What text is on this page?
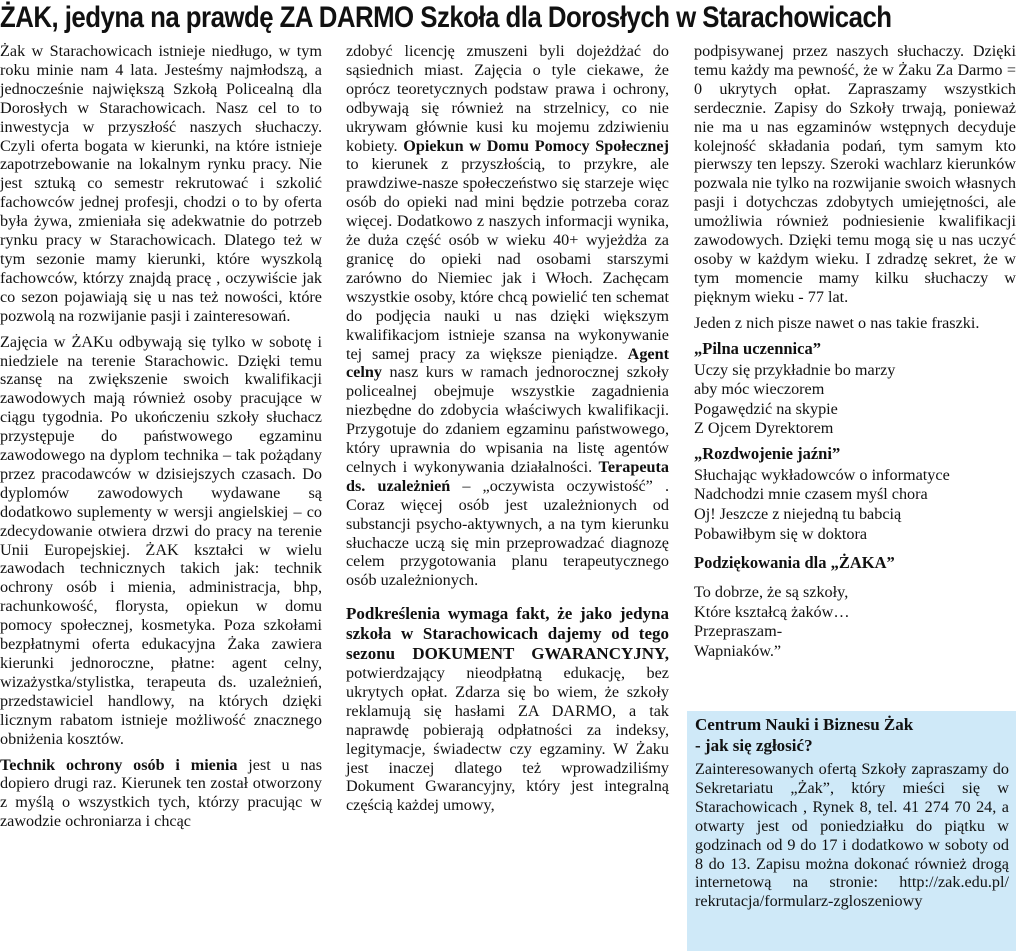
ŻAK, jedyna na prawdę ZA DARMO Szkoła dla Dorosłych w Starachowicach

Żak w Starachowicach istnieje niedługo, w tym roku minie nam 4 lata. Jesteśmy najmłodszą, a jednocześnie największą Szkołą Policealną dla Dorosłych w Starachowicach. Nasz cel to to inwestycja w przyszłość naszych słuchaczy. Czyli oferta bogata w kierunki, na które istnieje zapotrzebowanie na lokalnym rynku pracy. Nie jest sztuką co semestr rekrutować i szkolić fachowców jednej profesji, chodzi o to by oferta była żywa, zmieniała się adekwatnie do potrzeb rynku pracy w Starachowicach. Dlatego też w tym sezonie mamy kierunki, które wyszkolą fachowców, którzy znajdą pracę , oczywiście jak co sezon pojawiają się u nas też nowości, które pozwolą na rozwijanie pasji i zainteresowań.

Zajęcia w ŻAKu odbywają się tylko w sobotę i niedziele na terenie Starachowic. Dzięki temu szansę na zwiększenie swoich kwalifikacji zawodowych mają również osoby pracujące w ciągu tygodnia. Po ukończeniu szkoły słuchacz przystępuje do państwowego egzaminu zawodowego na dyplom technika – tak pożądany przez pracodawców w dzisiejszych czasach. Do dyplomów zawodowych wydawane są dodatkowo suplementy w wersji angielskiej – co zdecydowanie otwiera drzwi do pracy na terenie Unii Europejskiej. ŻAK kształci w wielu zawodach technicznych takich jak: technik ochrony osób i mienia, administracja, bhp, rachunkowość, florysta, opiekun w domu pomocy społecznej, kosmetyka. Poza szkołami bezpłatnymi oferta edukacyjna Żaka zawiera kierunki jednoroczne, płatne: agent celny, wizażystka/stylistka, terapeuta ds. uzależnień, przedstawiciel handlowy, na których dzięki licznym rabatom istnieje możliwość znacznego obniżenia kosztów.

Technik ochrony osób i mienia jest u nas dopiero drugi raz. Kierunek ten został otworzony z myślą o wszystkich tych, którzy pracując w zawodzie ochroniarza i chcąc

zdobyć licencję zmuszeni byli dojeżdżać do sąsiednich miast. Zajęcia o tyle ciekawe, że oprócz teoretycznych podstaw prawa i ochrony, odbywają się również na strzelnicy, co nie ukrywam głównie kusi ku mojemu zdziwieniu kobiety. Opiekun w Domu Pomocy Społecznej to kierunek z przyszłością, to przykre, ale prawdziwe-nasze społeczeństwo się starzeje więc osób do opieki nad mini będzie potrzeba coraz więcej. Dodatkowo z naszych informacji wynika, że duża część osób w wieku 40+ wyjeżdża za granicę do opieki nad osobami starszymi zarówno do Niemiec jak i Włoch. Zachęcam wszystkie osoby, które chcą powielić ten schemat do podjęcia nauki u nas dzięki większym kwalifikacjom istnieje szansa na wykonywanie tej samej pracy za większe pieniądze. Agent celny nasz kurs w ramach jednorocznej szkoły policealnej obejmuje wszystkie zagadnienia niezbędne do zdobycia właściwych kwalifikacji. Przygotuje do zdaniem egzaminu państwowego, który uprawnia do wpisania na listę agentów celnych i wykonywania działalności. Terapeuta ds. uzależnień – „oczywista oczywistość” . Coraz więcej osób jest uzależnionych od substancji psycho-aktywnych, a na tym kierunku słuchacze uczą się min przeprowadzać diagnozę celem przygotowania planu terapeutycznego osób uzależnionych.

Podkreślenia wymaga fakt, że jako jedyna szkoła w Starachowicach dajemy od tego sezonu DOKUMENT GWARANCYJNY, potwierdzający nieodpłatną edukację, bez ukrytych opłat. Zdarza się bo wiem, że szkoły reklamują się hasłami ZA DARMO, a tak naprawdę pobierają odpłatności za indeksy, legitymacje, świadectw czy egzaminy. W Żaku jest inaczej dlatego też wprowadziliśmy Dokument Gwarancyjny, który jest integralną częścią każdej umowy,

podpisywanej przez naszych słuchaczy. Dzięki temu każdy ma pewność, że w Żaku Za Darmo = 0 ukrytych opłat. Zapraszamy wszystkich serdecznie. Zapisy do Szkoły trwają, ponieważ nie ma u nas egzaminów wstępnych decyduje kolejność składania podań, tym samym kto pierwszy ten lepszy. Szeroki wachlarz kierunków pozwala nie tylko na rozwijanie swoich własnych pasji i dotychczas zdobytych umiejętności, ale umożliwia również podniesienie kwalifikacji zawodowych. Dzięki temu mogą się u nas uczyć osoby w każdym wieku. I zdradzę sekret, że w tym momencie mamy kilku słuchaczy w pięknym wieku - 77 lat.

Jeden z nich pisze nawet o nas takie fraszki.

„Pilna uczennica”
Uczy się przykładnie bo marzy
aby móc wieczorem
Pogawędzić na skypie
Z Ojcem Dyrektorem
„Rozdwojenie jaźni”
Słuchając wykładowców o informatyce
Nadchodzi mnie czasem myśl chora
Oj! Jeszcze z niejedną tu babcią
Pobawiłbym się w doktora
Podziękowania dla „ŻAKA”
To dobrze, że są szkoły,
Które kształcą żaków…
Przepraszam-
Wapniaków.”
Centrum Nauki i Biznesu Żak
- jak się zgłosić?
Zainteresowanych ofertą Szkoły zapraszamy do Sekretariatu „Żak”, który mieści się w Starachowicach , Rynek 8, tel. 41 274 70 24, a otwarty jest od poniedziałku do piątku w godzinach od 9 do 17 i dodatkowo w soboty od 8 do 13. Zapisu można dokonać również drogą internetową na stronie: http://zak.edu.pl/ rekrutacja/formularz-zgloszeniowy
